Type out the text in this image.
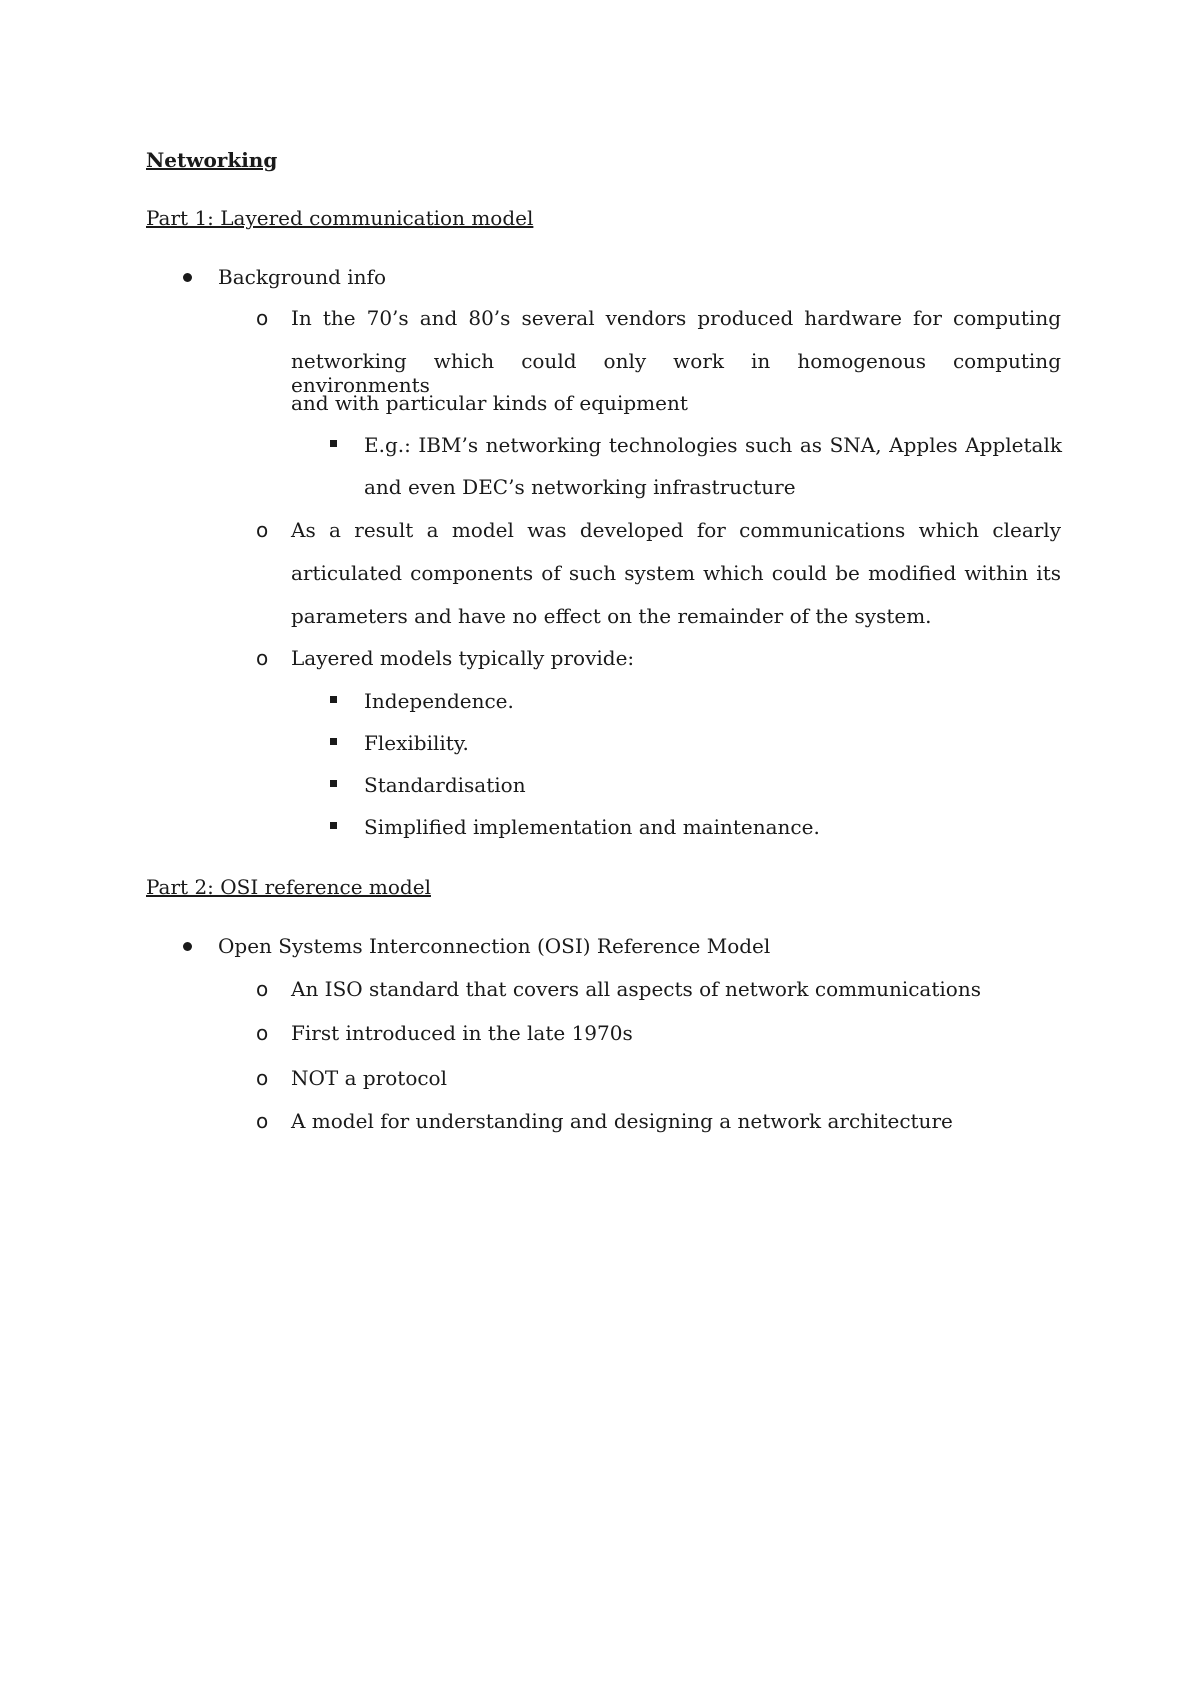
Networking
Part 1: Layered communication model
Background info
o In the 70’s and 80’s several vendors produced hardware for computing
networking which could only work in homogenous computing environments
and with particular kinds of equipment
E.g.: IBM’s networking technologies such as SNA, Apples Appletalk
and even DEC’s networking infrastructure
o As a result a model was developed for communications which clearly
articulated components of such system which could be modified within its
parameters and have no effect on the remainder of the system.
o Layered models typically provide:
Independence.
Flexibility.
Standardisation
Simplified implementation and maintenance.
Part 2: OSI reference model
Open Systems Interconnection (OSI) Reference Model
o An ISO standard that covers all aspects of network communications
o First introduced in the late 1970s
o NOT a protocol
o A model for understanding and designing a network architecture
